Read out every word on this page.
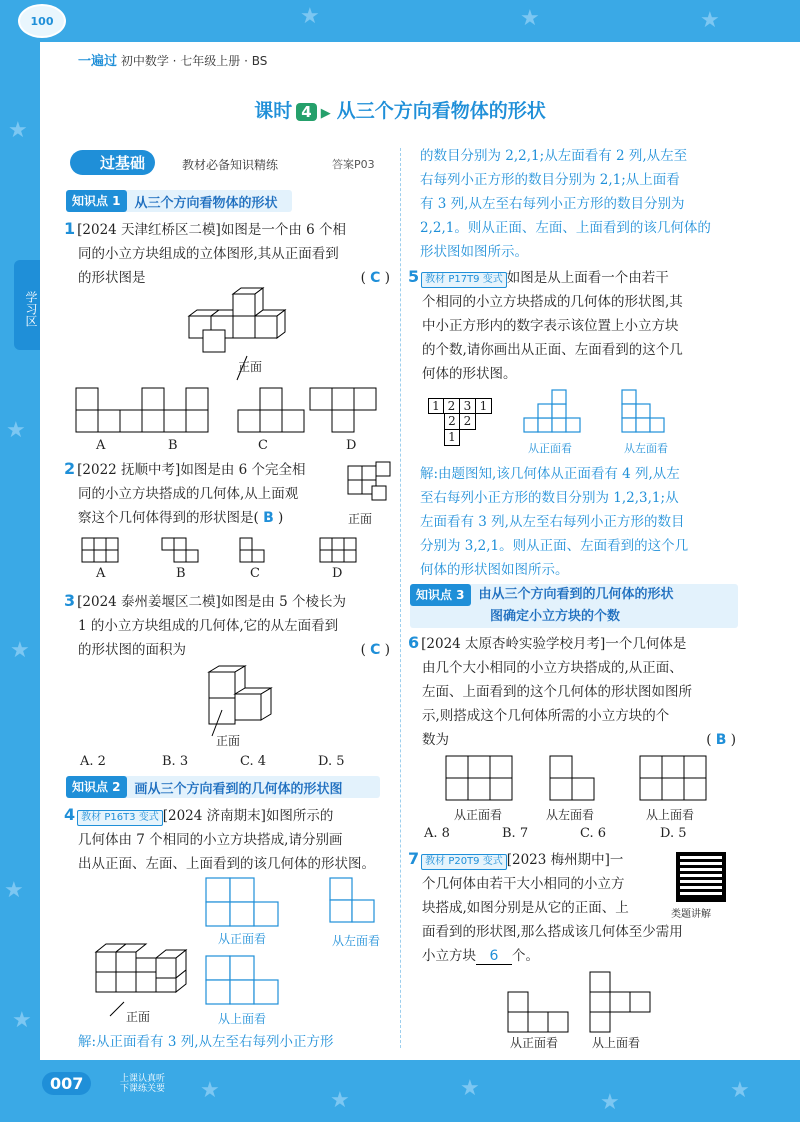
★
★
★
★
★
★	★	★
★	★
★	★	★
100
一遍过 初中数学 · 七年级上册 · BS
学习区
课时 4 ▶ 从三个方向看物体的形状
过基础	教材必备知识精练	答案P03
知识点 1	从三个方向看物体的形状
1 [2024 天津红桥区二模]如图是一个由 6 个相
同的小立方块组成的立体图形,其从正面看到
的形状图是	( C )
正面
A	B	C	D
2 [2022 抚顺中考]如图是由 6 个完全相
同的小立方块搭成的几何体,从上面观
察这个几何体得到的形状图是( B )	正面
A	B	C	D
3 [2024 泰州姜堰区二模]如图是由 5 个棱长为
1 的小立方块组成的几何体,它的从左面看到
的形状图的面积为	( C )
正面
A. 2	B. 3	C. 4	D. 5
知识点 2	画从三个方向看到的几何体的形状图
4 教材 P16T3 变式 [2024 济南期末]如图所示的
几何体由 7 个相同的小立方块搭成,请分别画
出从正面、左面、上面看到的该几何体的形状图。
正面
从正面看	从左面看
从上面看
解:从正面看有 3 列,从左至右每列小正方形
的数目分别为 2,2,1;从左面看有 2 列,从左至
右每列小正方形的数目分别为 2,1;从上面看
有 3 列,从左至右每列小正方形的数目分别为
2,2,1。则从正面、左面、上面看到的该几何体的
形状图如图所示。
5 教材 P17T9 变式 如图是从上面看一个由若干
个相同的小立方块搭成的几何体的形状图,其
中小正方形内的数字表示该位置上小立方块
的个数,请你画出从正面、左面看到的这个几
何体的形状图。
1 2 3 1
2 2
1
从正面看	从左面看
解:由题图知,该几何体从正面看有 4 列,从左
至右每列小正方形的数目分别为 1,2,3,1;从
左面看有 3 列,从左至右每列小正方形的数目
分别为 3,2,1。则从正面、左面看到的这个几
何体的形状图如图所示。
知识点 3	由从三个方向看到的几何体的形状
图确定小立方块的个数
6 [2024 太原杏岭实验学校月考]一个几何体是
由几个大小相同的小立方块搭成的,从正面、
左面、上面看到的这个几何体的形状图如图所
示,则搭成这个几何体所需的小立方块的个
数为	( B )
从正面看	从左面看	从上面看
A. 8	B. 7	C. 6	D. 5
7 教材 P20T9 变式 [2023 梅州期中]一
个几何体由若干大小相同的小立方
块搭成,如图分别是从它的正面、上
面看到的形状图,那么搭成该几何体至少需用
小立方块 6 个。
类题讲解
从正面看	从上面看
007	上课认真听
下课练关要
